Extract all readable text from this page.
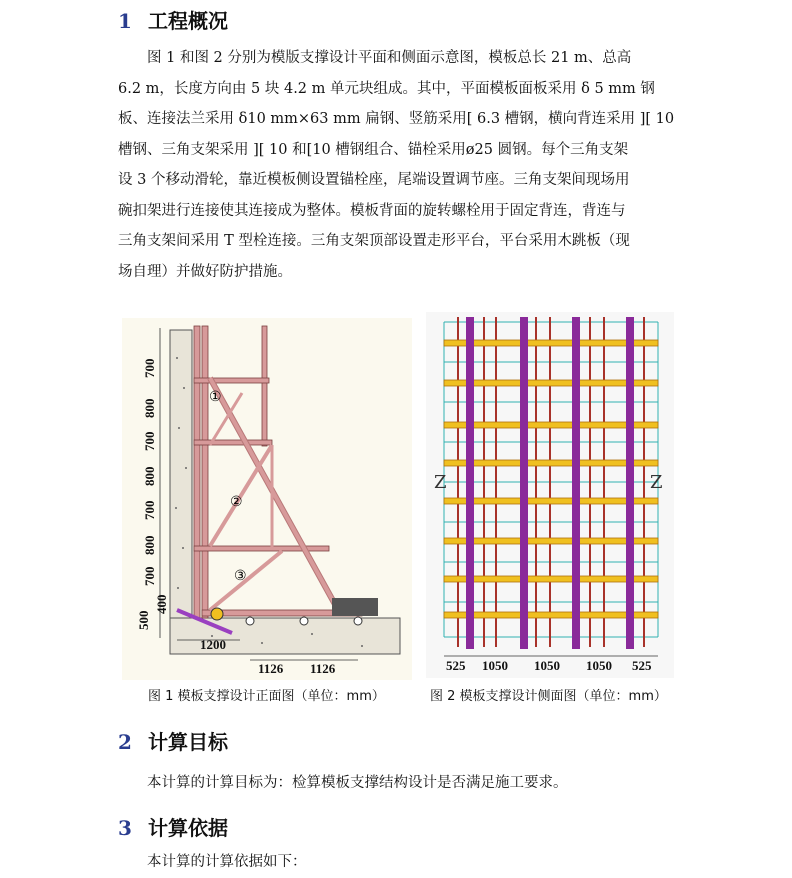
1 工程概况
图 1 和图 2 分别为模版支撑设计平面和侧面示意图，模板总长 21 m、总高
6.2 m，长度方向由 5 块 4.2 m 单元块组成。其中，平面模板面板采用 δ 5 mm 钢
板、连接法兰采用 δ10 mm×63 mm 扁钢、竖筋采用[ 6.3 槽钢，横向背连采用 ][ 10
槽钢、三角支架采用 ][ 10 和[10 槽钢组合、锚栓采用ø25 圆钢。每个三角支架
设 3 个移动滑轮，靠近模板侧设置锚栓座，尾端设置调节座。三角支架间现场用
碗扣架进行连接使其连接成为整体。模板背面的旋转螺栓用于固定背连，背连与
三角支架间采用 T 型栓连接。三角支架顶部设置走形平台，平台采用木跳板（现
场自理）并做好防护措施。
①
②
③
700
800
700
800
700
800
700
400
500
1200
1126 1126
图 1 模板支撑设计正面图（单位：mm）
Z	Z
525 1050 1050 1050 525
图 2 模板支撑设计侧面图（单位：mm）
2 计算目标
本计算的计算目标为：检算模板支撑结构设计是否满足施工要求。
3 计算依据
本计算的计算依据如下：
